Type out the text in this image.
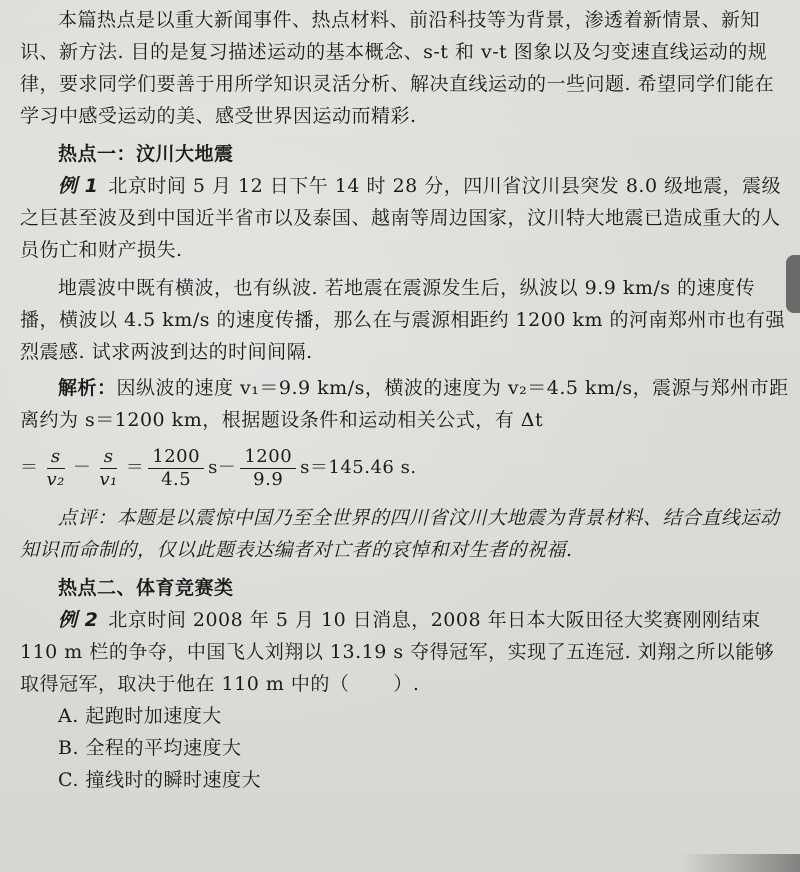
本篇热点是以重大新闻事件、热点材料、前沿科技等为背景，渗透着新情景、新知识、新方法. 目的是复习描述运动的基本概念、s-t 和 v-t 图象以及匀变速直线运动的规律，要求同学们要善于用所学知识灵活分析、解决直线运动的一些问题. 希望同学们能在学习中感受运动的美、感受世界因运动而精彩.

热点一：汶川大地震

例 1 北京时间 5 月 12 日下午 14 时 28 分，四川省汶川县突发 8.0 级地震，震级之巨甚至波及到中国近半省市以及泰国、越南等周边国家，汶川特大地震已造成重大的人员伤亡和财产损失.

地震波中既有横波，也有纵波. 若地震在震源发生后，纵波以 9.9 km/s 的速度传播，横波以 4.5 km/s 的速度传播，那么在与震源相距约 1200 km 的河南郑州市也有强烈震感. 试求两波到达的时间间隔.

解析：因纵波的速度 v₁＝9.9 km/s，横波的速度为 v₂＝4.5 km/s，震源与郑州市距离约为 s＝1200 km，根据题设条件和运动相关公式，有 Δt

＝ $\frac{s}{\text{v₂}} - \frac{s}{\text{v₁}} = \frac{1200}{4.5} s- \frac{1200}{9.9} s=145.46$ s.

点评：本题是以震惊中国乃至全世界的四川省汶川大地震为背景材料、结合直线运动知识而命制的，仅以此题表达编者对亡者的哀悼和对生者的祝福.

热点二、体育竞赛类

例 2 北京时间 2008 年 5 月 10 日消息，2008 年日本大阪田径大奖赛刚刚结束 110 m 栏的争夺，中国飞人刘翔以 13.19 s 夺得冠军，实现了五连冠. 刘翔之所以能够取得冠军，取决于他在 110 m 中的（ ）.

A. 起跑时加速度大

B. 全程的平均速度大

C. 撞线时的瞬时速度大
